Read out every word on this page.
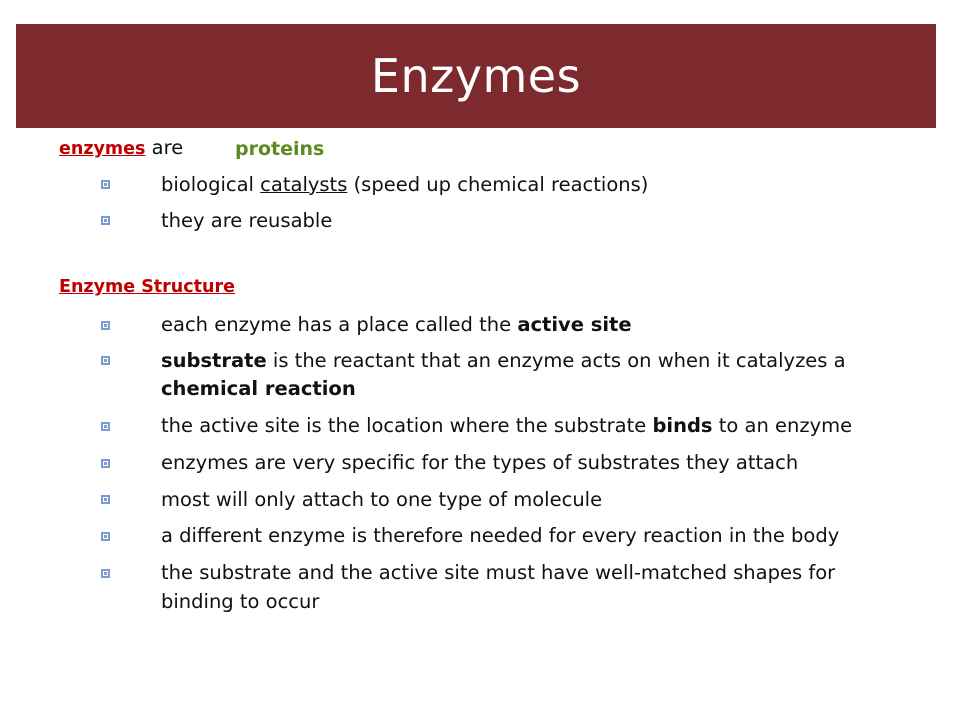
Enzymes
enzymes are	proteins
biological catalysts (speed up chemical reactions)
they are reusable
Enzyme Structure
each enzyme has a place called the active site
substrate is the reactant that an enzyme acts on when it catalyzes a
chemical reaction
the active site is the location where the substrate binds to an enzyme
enzymes are very specific for the types of substrates they attach
most will only attach to one type of molecule
a different enzyme is therefore needed for every reaction in the body
the substrate and the active site must have well-matched shapes for
binding to occur
